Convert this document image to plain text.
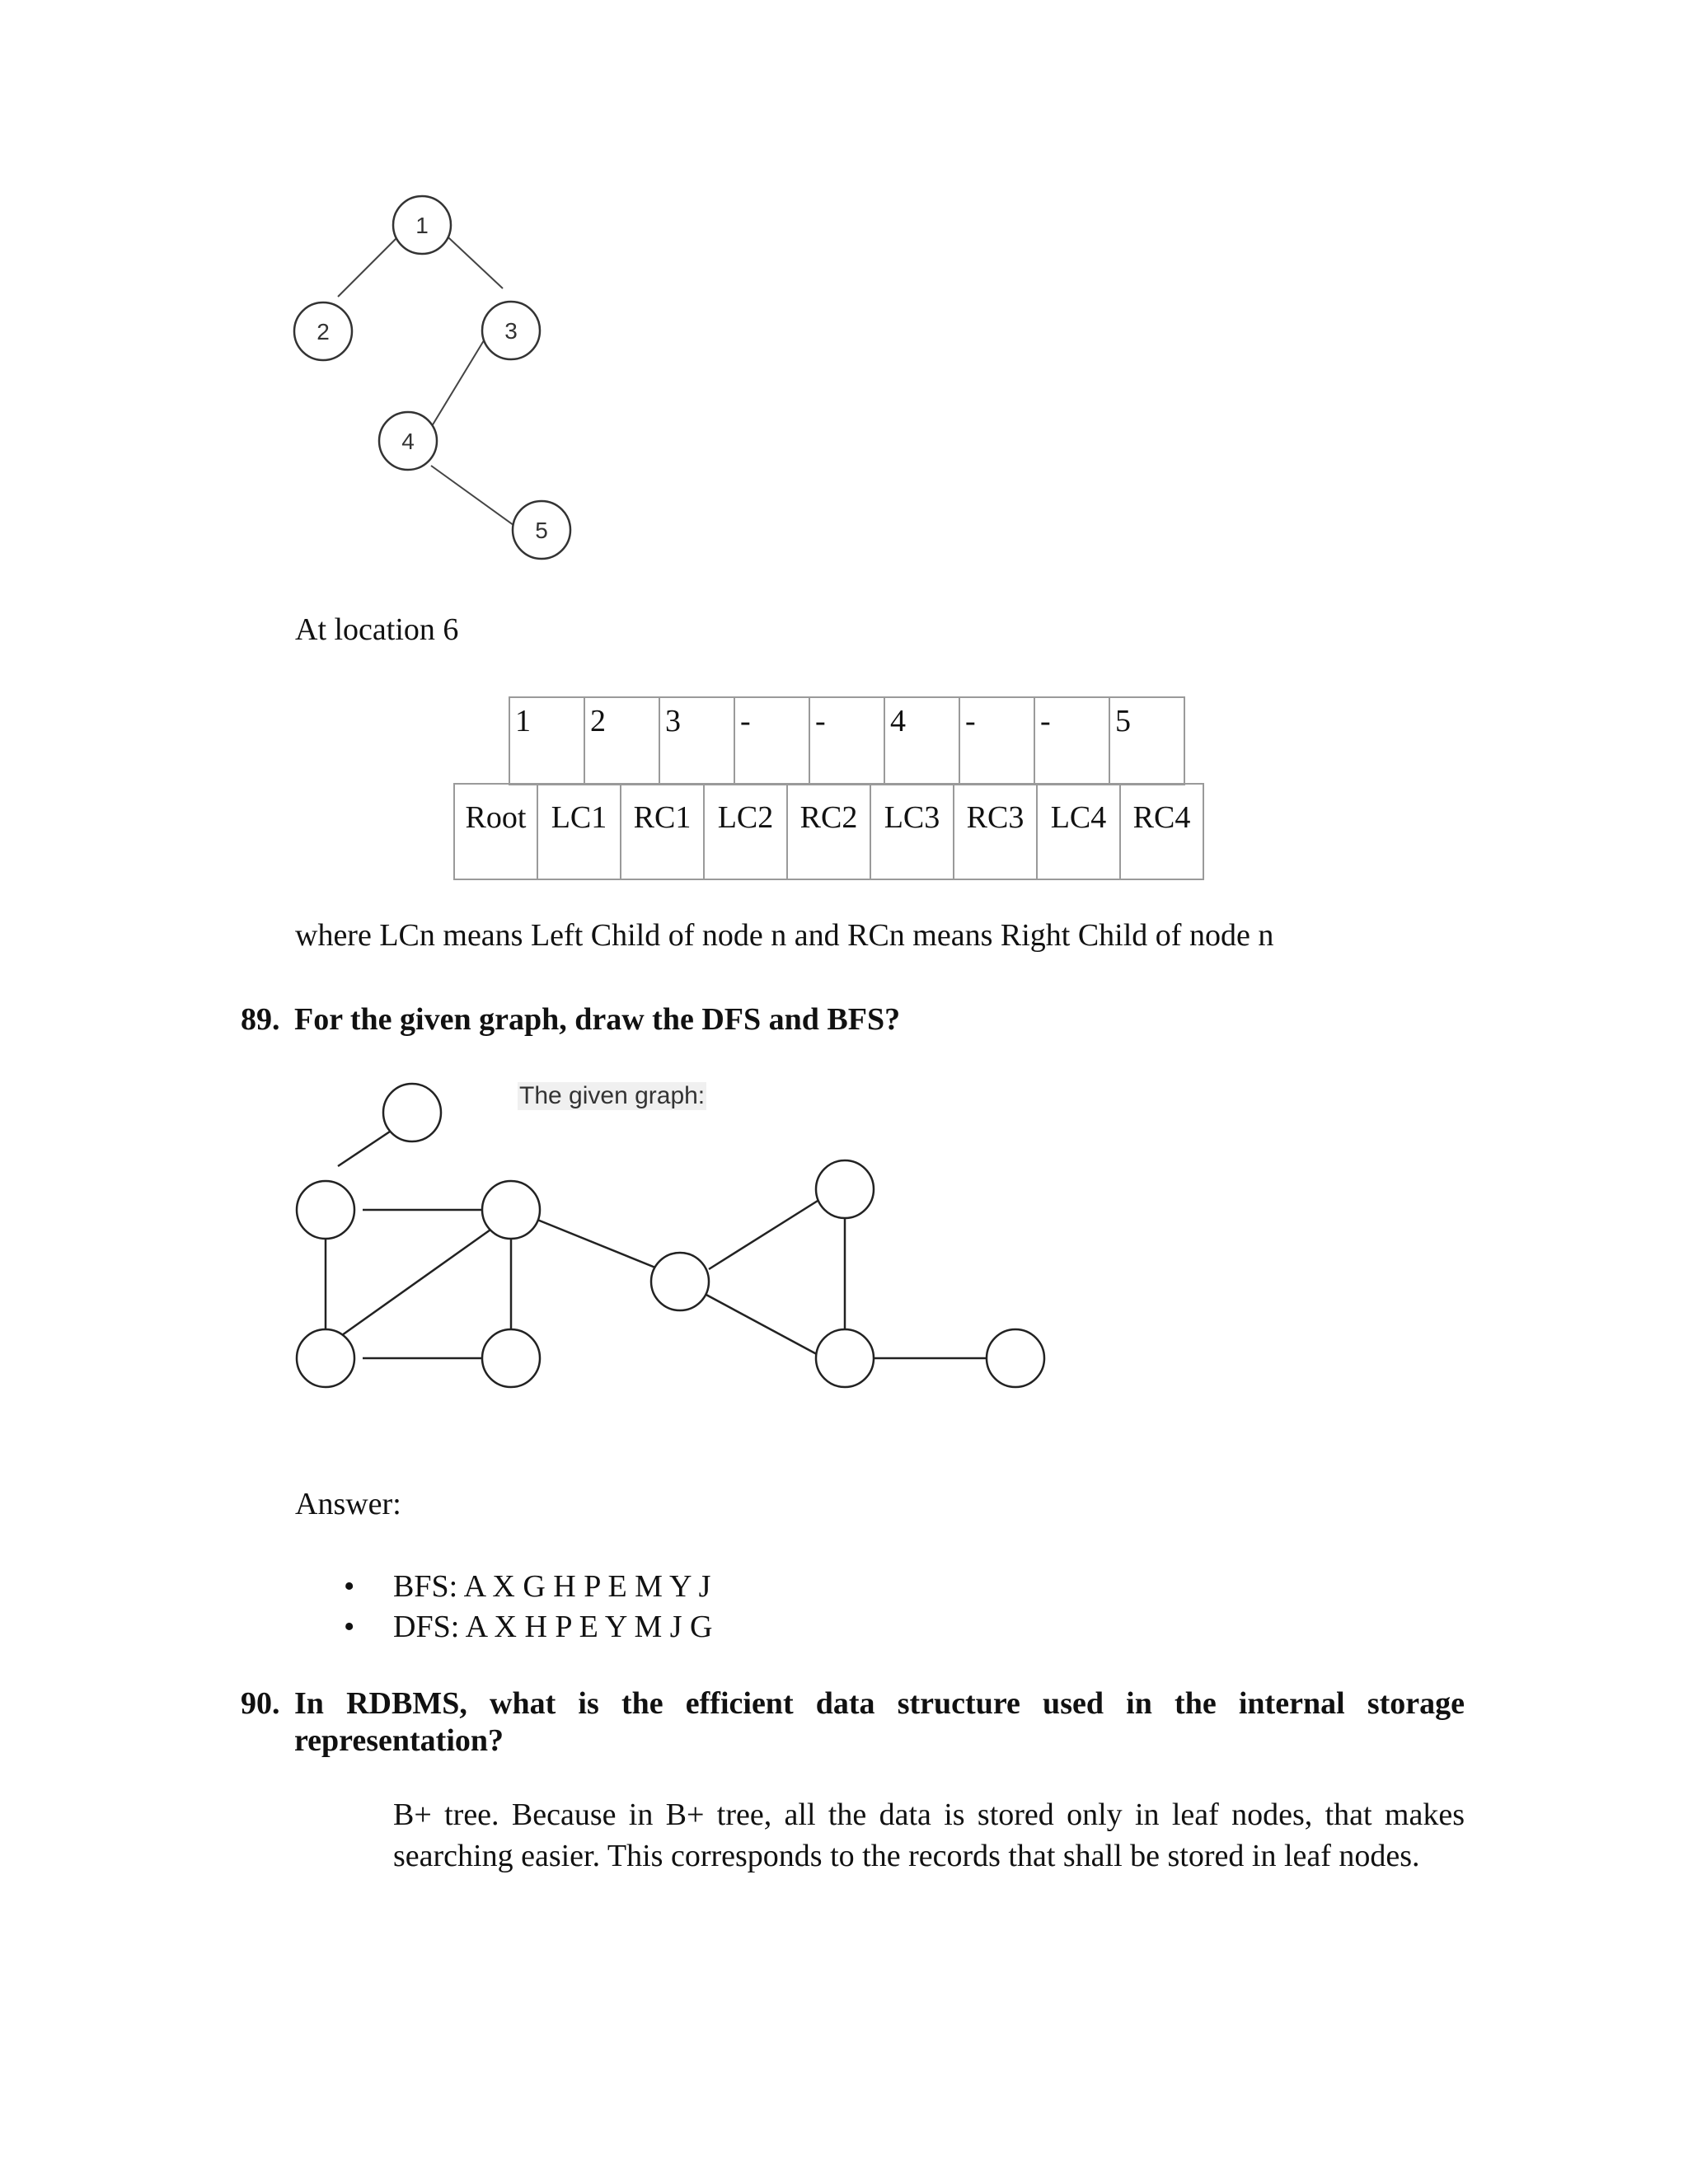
1
2	3
4
5
At location 6
1	2	3	-	-	4	-	-	5
Root	LC1	RC1	LC2	RC2	LC3	RC3	LC4	RC4
where LCn means Left Child of node n and RCn means Right Child of node n
89. For the given graph, draw the DFS and BFS?
The given graph:
Answer:
• BFS: A X G H P E M Y J
• DFS: A X H P E Y M J G
90. In RDBMS, what is the efficient data structure used in the internal storage
representation?
B+ tree. Because in B+ tree, all the data is stored only in leaf nodes, that makes
searching easier. This corresponds to the records that shall be stored in leaf nodes.
